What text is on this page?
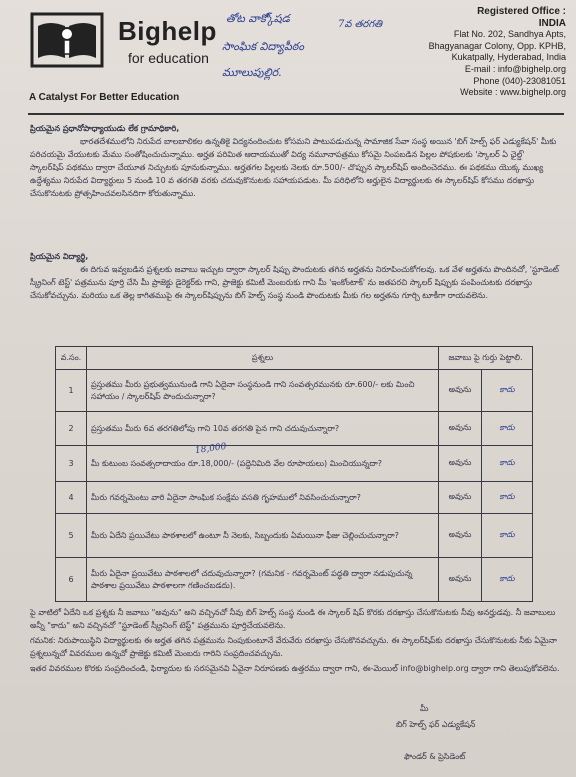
Bighelp
for education
A Catalyst For Better Education
తోట వాక్కో్షడ	7వ తరగతి
సాంఘిక విద్యాపీఠం
మూలుపుల్లిర.
Registered Office :
INDIA
Flat No. 202, Sandhya Apts,
Bhagyanagar Colony, Opp. KPHB,
Kukatpally, Hyderabad, India
E-mail : info@bighelp.org
Phone (040)-23081051
Website : www.bighelp.org
ప్రియమైన ప్రధానోపాధ్యాయుడు లేక గ్రామాధికారి,
భారతదేశములోని నిరుపేద బాలబాలికల ఉన్నతికై విద్యనందించుట కోసమని పాటుపడుచున్న సామాజిక సేవా సంస్థ అయిన 'బిగ్ హెల్ప్ ఫర్ ఎడ్యుకేషన్' మీకు పరిచయమై వేయుటకు మేము సంతోషించుచున్నాము. అర్హత పరిమిత ఆదాయముతో విద్య నమూనాపత్రము కోసమై నింపబడిన పిల్లల పోషకులకు 'స్కాలర్ ఏ ఛైల్డ్' స్కాలర్‌షిప్ పథకము ద్వారా చేయూత నిచ్చుటకు పూనుకున్నాము. అర్హతగల పిల్లలకు నెలకు రూ.500/- చొప్పున స్కాలర్‌షిప్ అందించెదము. ఈ పథకము యొక్క ముఖ్య ఉద్దేశ్యము నిరుపేద విద్యార్థులు 5 నుండి 10 వ తరగతి వరకు చదువుకొనుటకు సహాయపడుట. మీ పరిధిలోని అర్హులైన విద్యార్థులకు ఈ స్కాలర్‌షిప్ కోసము దరఖాస్తు చేసుకొనుటకు ప్రోత్సహించవలసినదిగా కోరుతున్నాము.
ప్రియమైన విద్యార్థి,
ఈ దిగువ ఇవ్వబడిన ప్రశ్నలకు జవాబు ఇచ్చుట ద్వారా స్కాలర్ షిప్పు పొందుటకు తగిన అర్హతను నిరూపించుకోగలవు. ఒక వేళ అర్హతను పొందినచో, 'స్టూడెంట్ స్క్రీనింగ్ టెస్ట్' పత్రమును పూర్తి చేసి మీ ప్రాజెక్టు డైరెక్టర్‌కు గాని, ప్రాజెక్టు కమిటీ మెంబరుకు గాని మీ 'ఇంకోంటాక్' ను జతపరచి స్కాలర్ షిప్పుకు పంపించుటకు దరఖాస్తు చేసుకోవచ్చును. మరియు ఒక తెల్ల కాగితముపై ఈ స్కాలర్‌షిప్పును బిగ్ హెల్ప్ సంస్థ నుండి పొందుటకు మీకు గల అర్హతను గూర్చి టూకీగా రాయవలెను.
వ.సం.	ప్రశ్నలు	జవాబు పై గుర్తు పెట్టాలి.	
1	ప్రస్తుతము మీరు ప్రభుత్వమునుండి గాని ఏదైనా సంస్థనుండి గాని సంవత్సరమునకు రూ.600/- లకు మించి సహాయం / స్కాలర్‌షిప్ పొందుచున్నారా?	అవును	కాదు
2	ప్రస్తుతము మీరు 6వ తరగతిలోపు గాని 10వ తరగతి పైన గాని చదువుచున్నారా?	అవును	కాదు
3	మీ కుటుంబ సంవత్సరాదాయం రూ.18,000/- (పద్దెనిమిది వేల రూపాయలు) మించియున్నదా?	అవును	కాదు
4	మీరు గవర్నమెంటు వారి ఏదైనా సాంఘిక సంక్షేమ వసతి గృహములో నివసించుచున్నారా?	అవును	కాదు
5	మీరు ఏదేని ప్రయివేటు పాఠశాలలో ఉంటూ నీ నెలకు, సిబ్బందుకు ఏమయినా ఫీజు చెల్లించుచున్నారా?	అవును	కాదు
6	మీరు ఏదైనా ప్రయివేటు పాఠశాలలో చదువుచున్నారా? (గమనిక - గవర్నమెంట్ పద్ధతి ద్వారా నడుపుచున్న పాఠశాల ప్రయివేటు పాఠశాలగా గణించబడదు).	అవును	కాదు
18,000
పై వాటిలో ఏదేని ఒక ప్రశ్నకు నీ జవాబు "అవును" అని వచ్చినచో నీవు బిగ్ హెల్ప్ సంస్థ నుండి ఈ స్కాలర్ షిప్ కొరకు దరఖాస్తు చేసుకొనుటకు నీవు అనర్హుడవు. నీ జవాబులు అన్నీ "కాదు" అని వచ్చినచో "స్టూడెంట్ స్క్రీనింగ్ టెస్ట్" పత్రమును పూర్తిచేయవలెను.
గమనిక: నిరుపాయిస్థిని విద్యార్థులకు ఈ అర్హత తగిన పత్రమును నింపుకుంటూనే వేరువేరు దరఖాస్తు చేసుకొనవచ్చును. ఈ స్కాలర్‌షిప్‌కు దరఖాస్తు చేసుకొనుటకు నీకు ఏమైనా ప్రశ్నలున్నచో వివరముల ఉన్నచో ప్రాజెక్టు కమిటీ మెంబరు గారిని సంప్రదించవచ్చును.
ఇతర వివరముల కొరకు సంప్రదించండి, ఫిర్యాదుల కు సరసమైనవి ఏవైనా నిరూపణకు ఉత్తరము ద్వారా గాని, ఈ-మెయిల్ info@bighelp.org ద్వారా గాని తెలుపుకోవలెను.
మీ
బిగ్ హెల్ప్ ఫర్ ఎడ్యుకేషన్
ఫౌండర్ & ప్రెసిడెంట్
